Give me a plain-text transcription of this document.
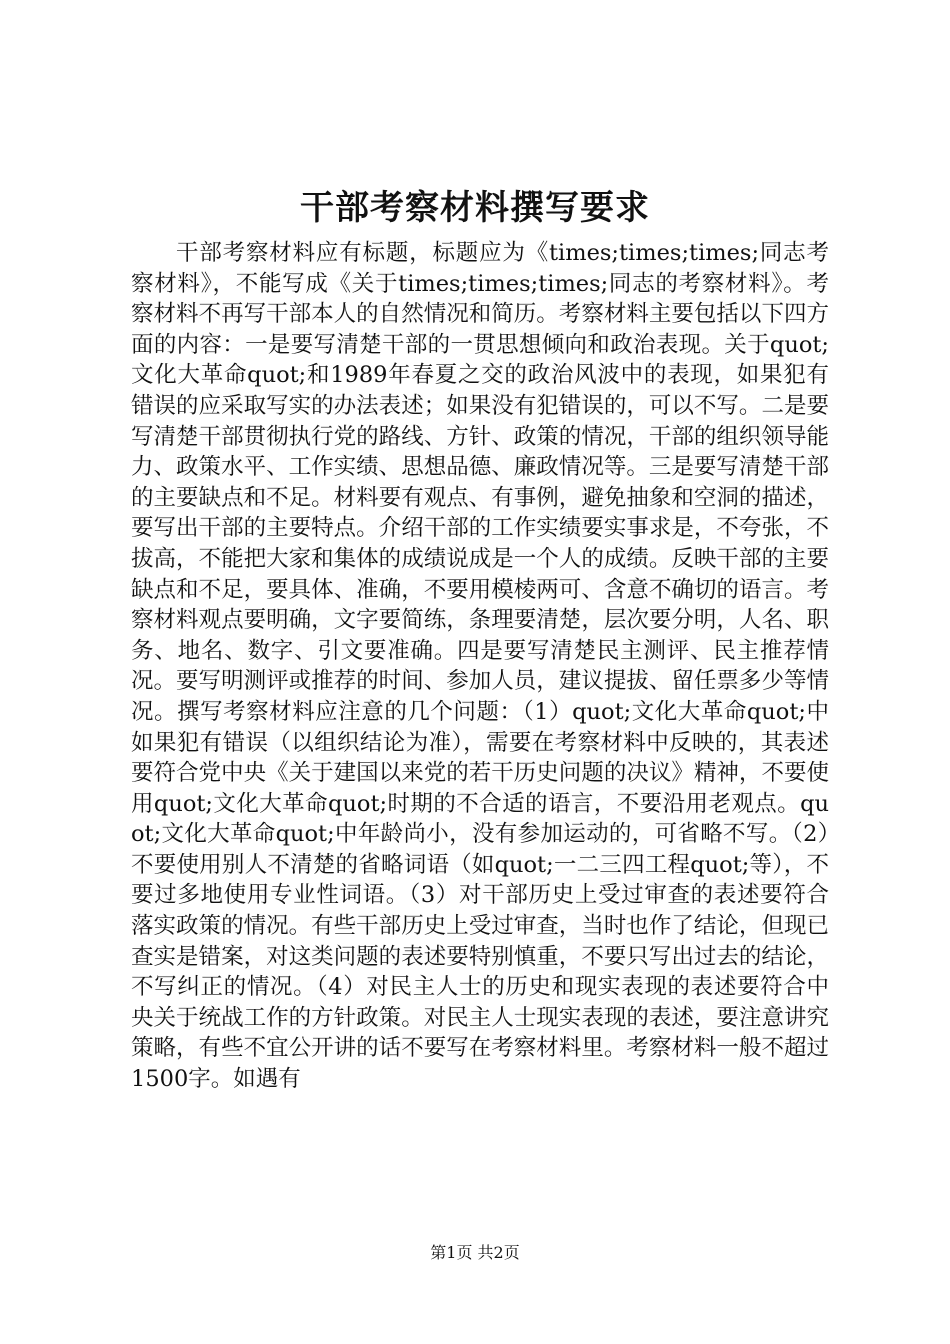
干部考察材料撰写要求

干部考察材料应有标题，标题应为《times;times;times;同志考察材料》，不能写成《关于times;times;times;同志的考察材料》。考察材料不再写干部本人的自然情况和简历。考察材料主要包括以下四方面的内容：一是要写清楚干部的一贯思想倾向和政治表现。关于quot;文化大革命quot;和1989年春夏之交的政治风波中的表现，如果犯有错误的应采取写实的办法表述；如果没有犯错误的，可以不写。二是要写清楚干部贯彻执行党的路线、方针、政策的情况，干部的组织领导能力、政策水平、工作实绩、思想品德、廉政情况等。三是要写清楚干部的主要缺点和不足。材料要有观点、有事例，避免抽象和空洞的描述，要写出干部的主要特点。介绍干部的工作实绩要实事求是，不夸张，不拔高，不能把大家和集体的成绩说成是一个人的成绩。反映干部的主要缺点和不足，要具体、准确，不要用模棱两可、含意不确切的语言。考察材料观点要明确，文字要简练，条理要清楚，层次要分明，人名、职务、地名、数字、引文要准确。四是要写清楚民主测评、民主推荐情况。要写明测评或推荐的时间、参加人员，建议提拔、留任票多少等情况。撰写考察材料应注意的几个问题：（1）quot;文化大革命quot;中如果犯有错误（以组织结论为准），需要在考察材料中反映的，其表述要符合党中央《关于建国以来党的若干历史问题的决议》精神，不要使用quot;文化大革命quot;时期的不合适的语言，不要沿用老观点。quot;文化大革命quot;中年龄尚小，没有参加运动的，可省略不写。（2）不要使用别人不清楚的省略词语（如quot;一二三四工程quot;等），不要过多地使用专业性词语。（3）对干部历史上受过审查的表述要符合落实政策的情况。有些干部历史上受过审查，当时也作了结论，但现已查实是错案，对这类问题的表述要特别慎重，不要只写出过去的结论，不写纠正的情况。（4）对民主人士的历史和现实表现的表述要符合中央关于统战工作的方针政策。对民主人士现实表现的表述，要注意讲究策略，有些不宜公开讲的话不要写在考察材料里。考察材料一般不超过1500字。如遇有

第1页 共2页
